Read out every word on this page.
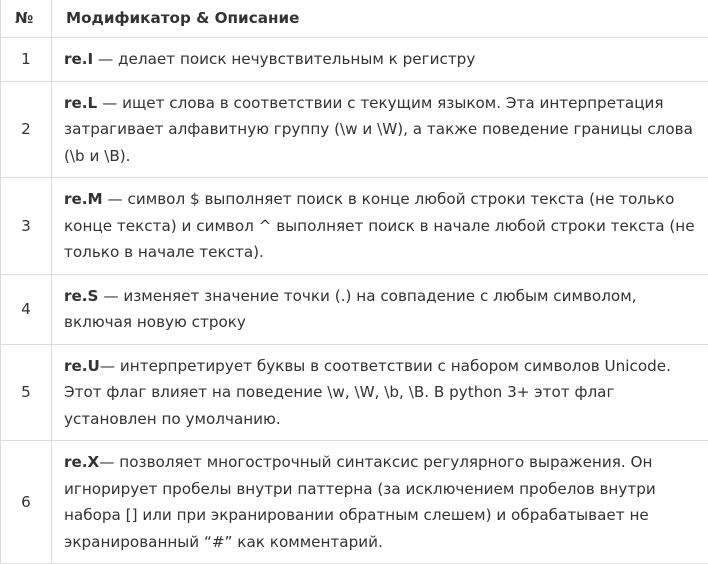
№	Модификатор & Описание
1	re.I — делает поиск нечувствительным к регистру
2	re.L — ищет слова в соответствии с текущим языком. Эта интерпретация затрагивает алфавитную группу (\w и \W), а также поведение границы слова (\b и \B).
3	re.M — символ $ выполняет поиск в конце любой строки текста (не только конце текста) и символ ^ выполняет поиск в начале любой строки текста (не только в начале текста).
4	re.S — изменяет значение точки (.) на совпадение с любым символом, включая новую строку
5	re.U— интерпретирует буквы в соответствии с набором символов Unicode. Этот флаг влияет на поведение \w, \W, \b, \B. В python 3+ этот флаг установлен по умолчанию.
6	re.X— позволяет многострочный синтаксис регулярного выражения. Он игнорирует пробелы внутри паттерна (за исключением пробелов внутри набора [] или при экранировании обратным слешем) и обрабатывает не экранированный “#” как комментарий.
